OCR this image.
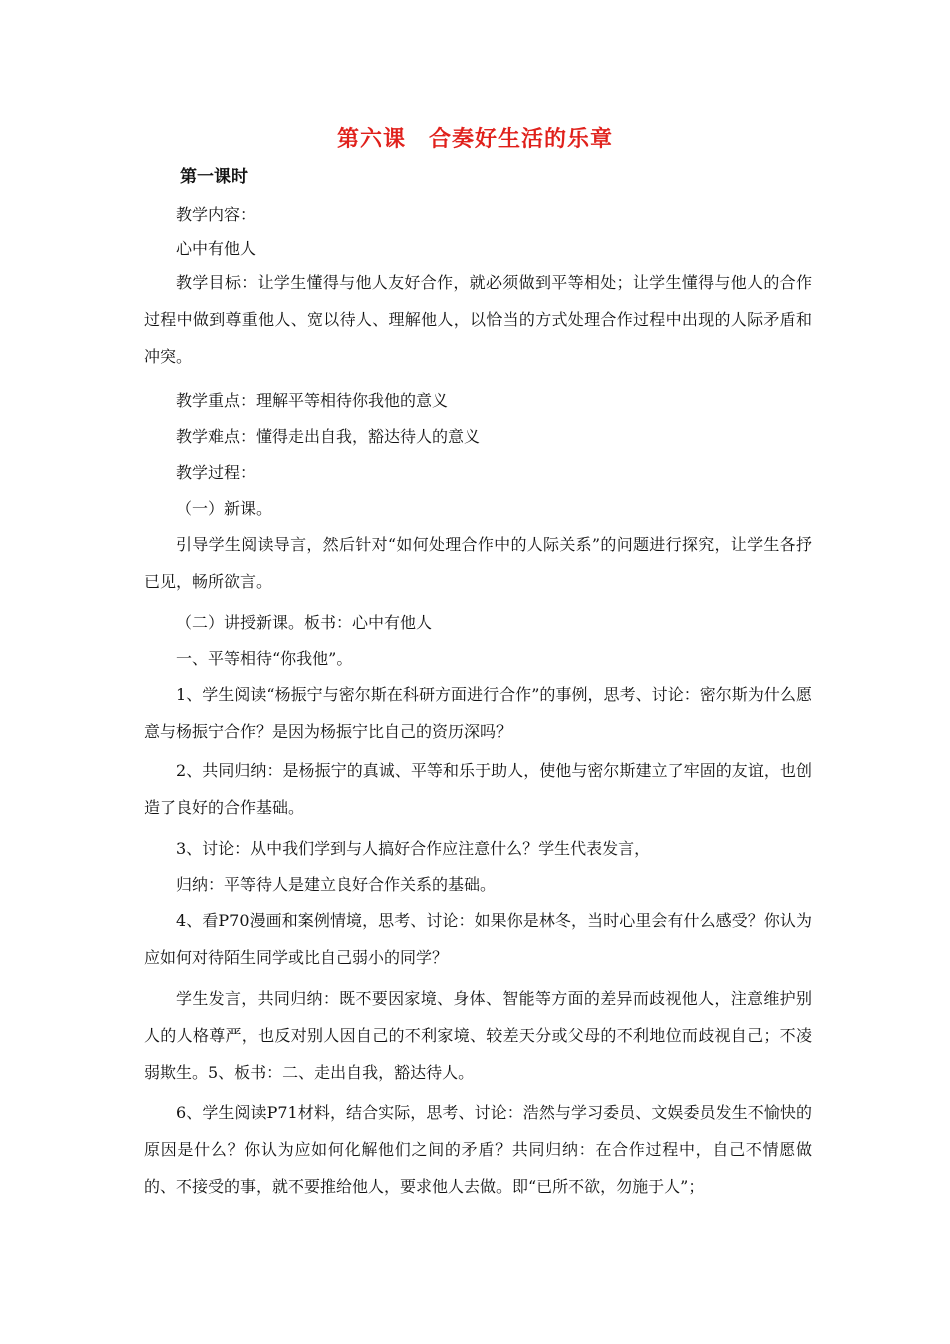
第六课　合奏好生活的乐章
第一课时

教学内容：

心中有他人

教学目标：让学生懂得与他人友好合作，就必须做到平等相处；让学生懂得与他人的合作过程中做到尊重他人、宽以待人、理解他人，以恰当的方式处理合作过程中出现的人际矛盾和冲突。

教学重点：理解平等相待你我他的意义

教学难点：懂得走出自我，豁达待人的意义

教学过程：

（一）新课。

引导学生阅读导言，然后针对“如何处理合作中的人际关系”的问题进行探究，让学生各抒已见，畅所欲言。

（二）讲授新课。板书：心中有他人

一、平等相待“你我他”。

1、学生阅读“杨振宁与密尔斯在科研方面进行合作”的事例，思考、讨论：密尔斯为什么愿意与杨振宁合作？是因为杨振宁比自己的资历深吗？

2、共同归纳：是杨振宁的真诚、平等和乐于助人，使他与密尔斯建立了牢固的友谊，也创造了良好的合作基础。

3、讨论：从中我们学到与人搞好合作应注意什么？学生代表发言，

归纳：平等待人是建立良好合作关系的基础。

4、看P70漫画和案例情境，思考、讨论：如果你是林冬，当时心里会有什么感受？你认为应如何对待陌生同学或比自己弱小的同学？

学生发言，共同归纳：既不要因家境、身体、智能等方面的差异而歧视他人，注意维护别人的人格尊严，也反对别人因自己的不利家境、较差天分或父母的不利地位而歧视自己；不凌弱欺生。5、板书：二、走出自我，豁达待人。

6、学生阅读P71材料，结合实际，思考、讨论：浩然与学习委员、文娱委员发生不愉快的原因是什么？你认为应如何化解他们之间的矛盾？共同归纳：在合作过程中，自己不情愿做的、不接受的事，就不要推给他人，要求他人去做。即“已所不欲，勿施于人”；
